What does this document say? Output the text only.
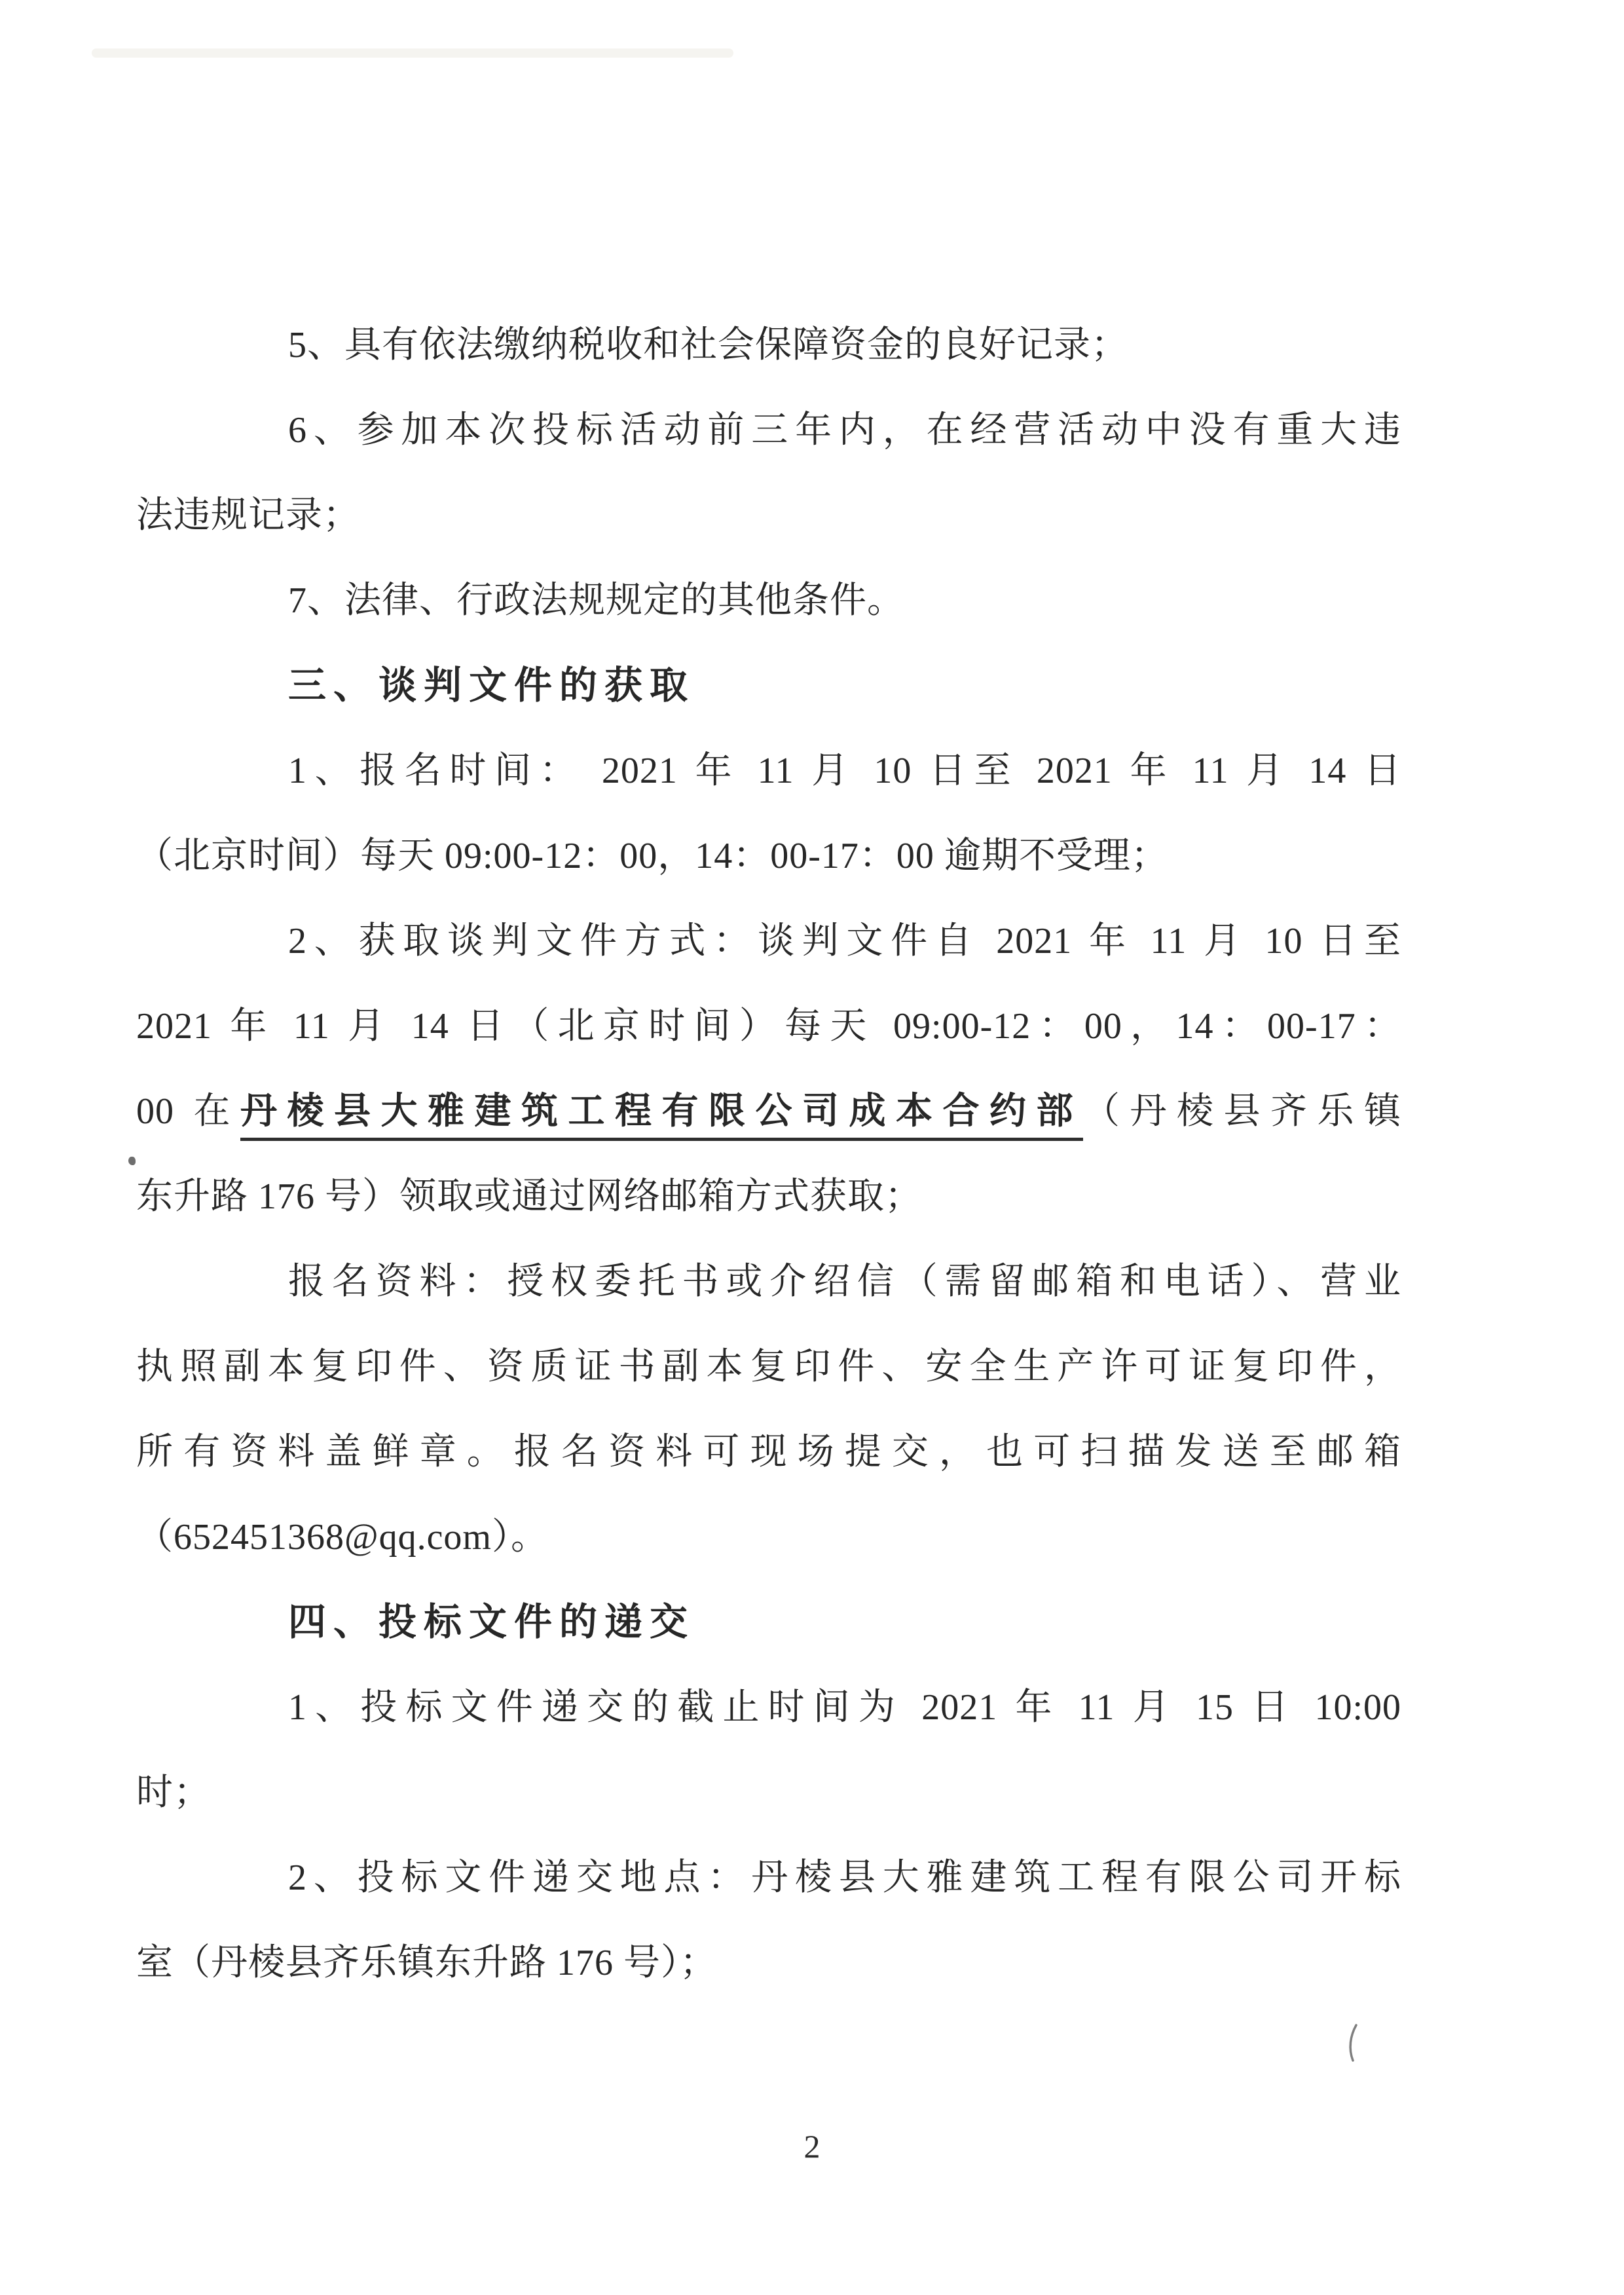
5、具有依法缴纳税收和社会保障资金的良好记录；
6、参加本次投标活动前三年内，在经营活动中没有重大违
法违规记录；
7、法律、行政法规规定的其他条件。
三、谈判文件的获取
1、报名时间： 2021 年 11 月 10 日至 2021 年 11 月 14 日
（北京时间）每天 09:00-12：00，14：00-17：00 逾期不受理；
2、获取谈判文件方式：谈判文件自 2021 年 11 月 10 日至
2021 年 11 月 14 日（北京时间）每天 09:00-12：00，14：00-17：
00 在丹棱县大雅建筑工程有限公司成本合约部（丹棱县齐乐镇
东升路 176 号）领取或通过网络邮箱方式获取；
报名资料：授权委托书或介绍信（需留邮箱和电话）、营业
执照副本复印件、资质证书副本复印件、安全生产许可证复印件，
所有资料盖鲜章。报名资料可现场提交，也可扫描发送至邮箱
（652451368@qq.com）。
四、投标文件的递交
1、投标文件递交的截止时间为 2021 年 11 月 15 日 10:00
时；
2、投标文件递交地点：丹棱县大雅建筑工程有限公司开标
室（丹棱县齐乐镇东升路 176 号）；
2
